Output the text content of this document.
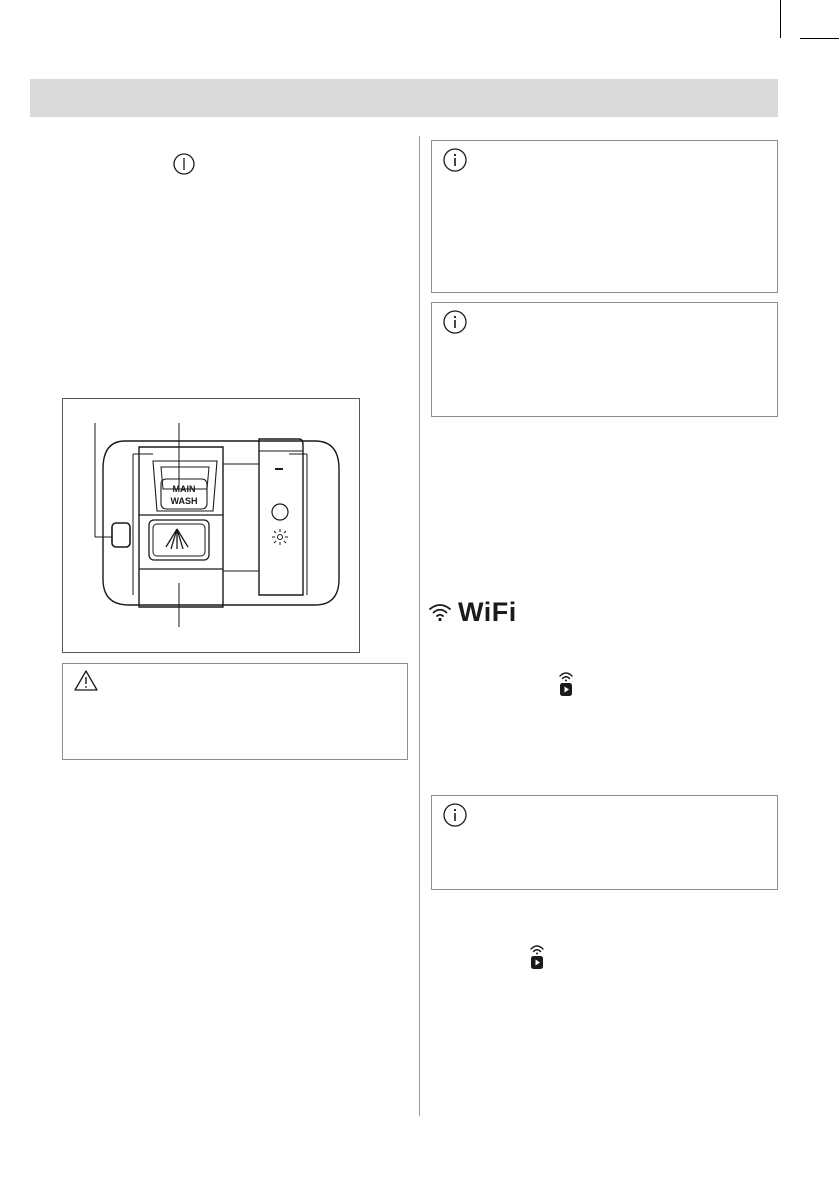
MAIN
WASH
WiFi
